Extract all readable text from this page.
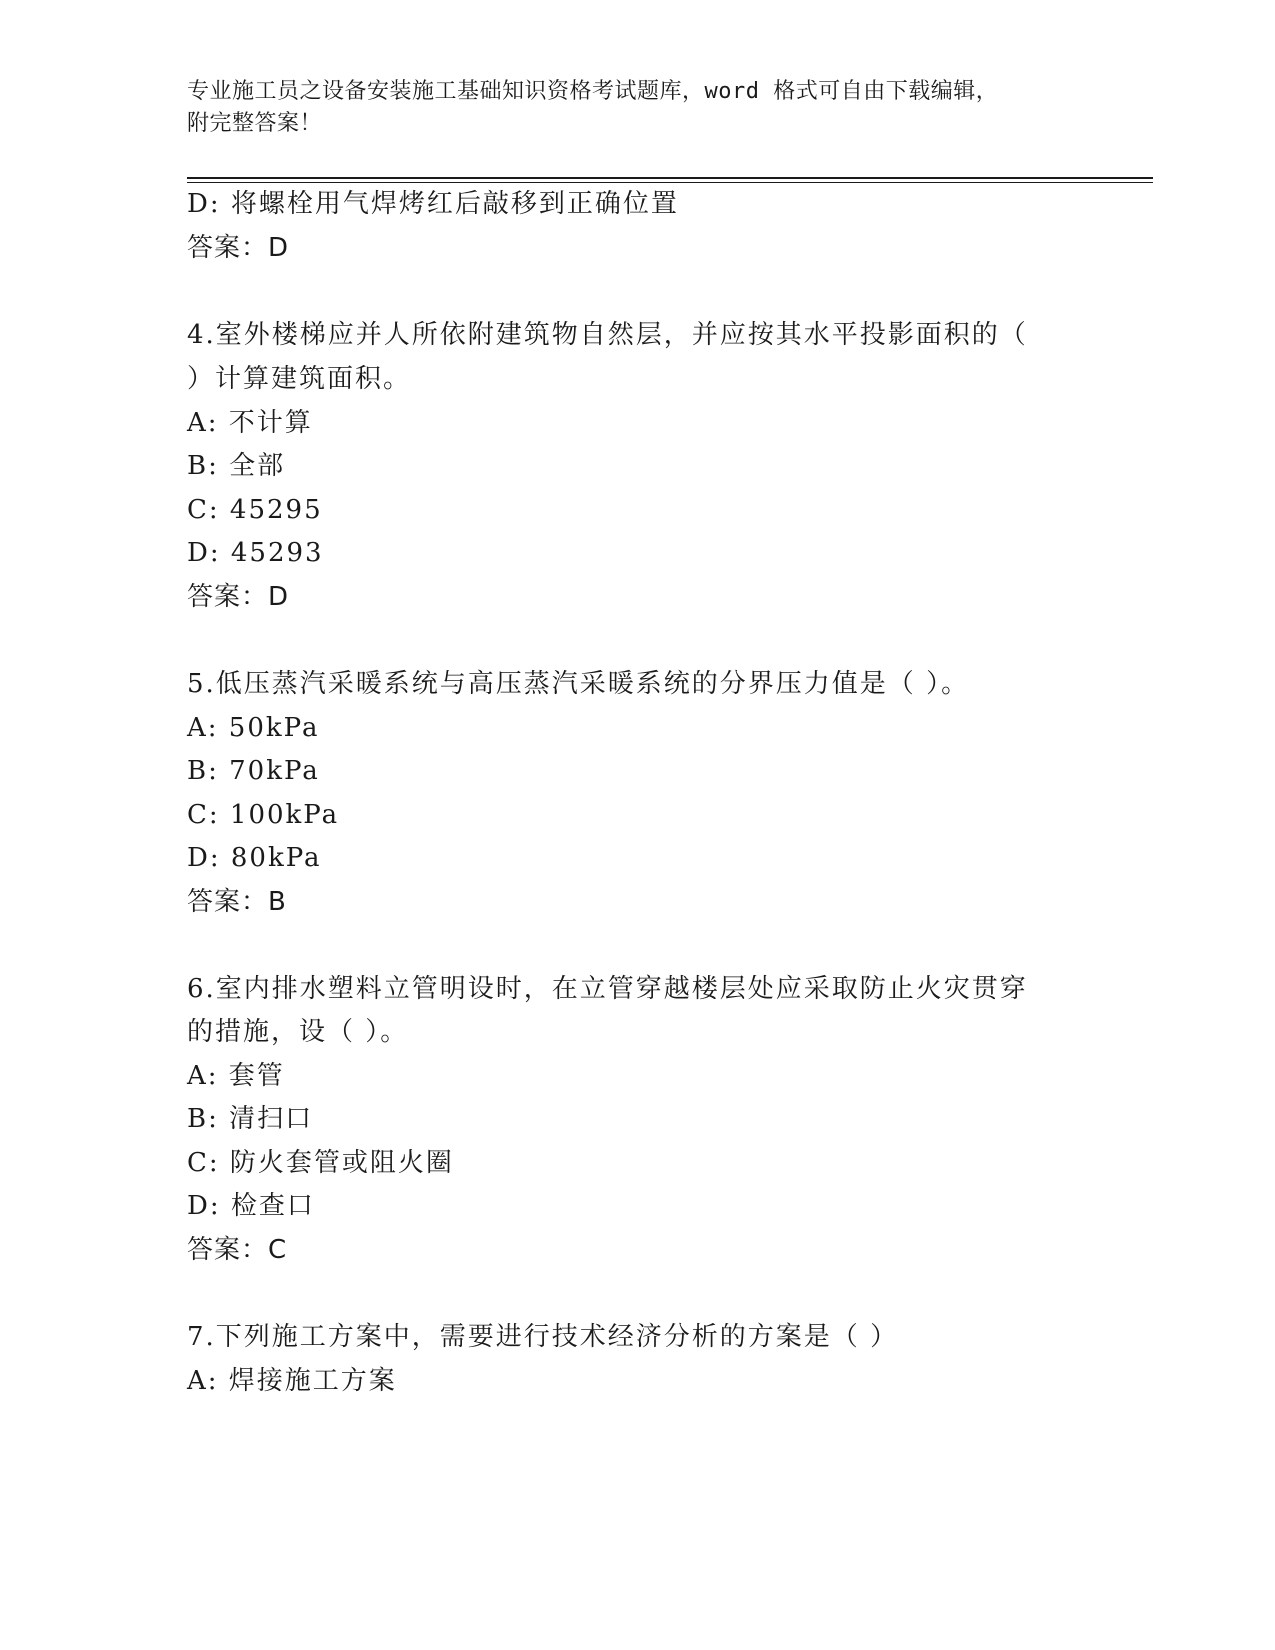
专业施工员之设备安装施工基础知识资格考试题库，word 格式可自由下载编辑，

附完整答案！

D: 将螺栓用气焊烤红后敲移到正确位置

答案：D

4.室外楼梯应并人所依附建筑物自然层，并应按其水平投影面积的（

）计算建筑面积。

A: 不计算

B: 全部

C: 45295

D: 45293

答案：D

5.低压蒸汽采暖系统与高压蒸汽采暖系统的分界压力值是（ ）。

A: 50kPa

B: 70kPa

C: 100kPa

D: 80kPa

答案：B

6.室内排水塑料立管明设时，在立管穿越楼层处应采取防止火灾贯穿

的措施，设（ ）。

A: 套管

B: 清扫口

C: 防火套管或阻火圈

D: 检查口

答案：C

7.下列施工方案中，需要进行技术经济分析的方案是（ ）

A: 焊接施工方案
